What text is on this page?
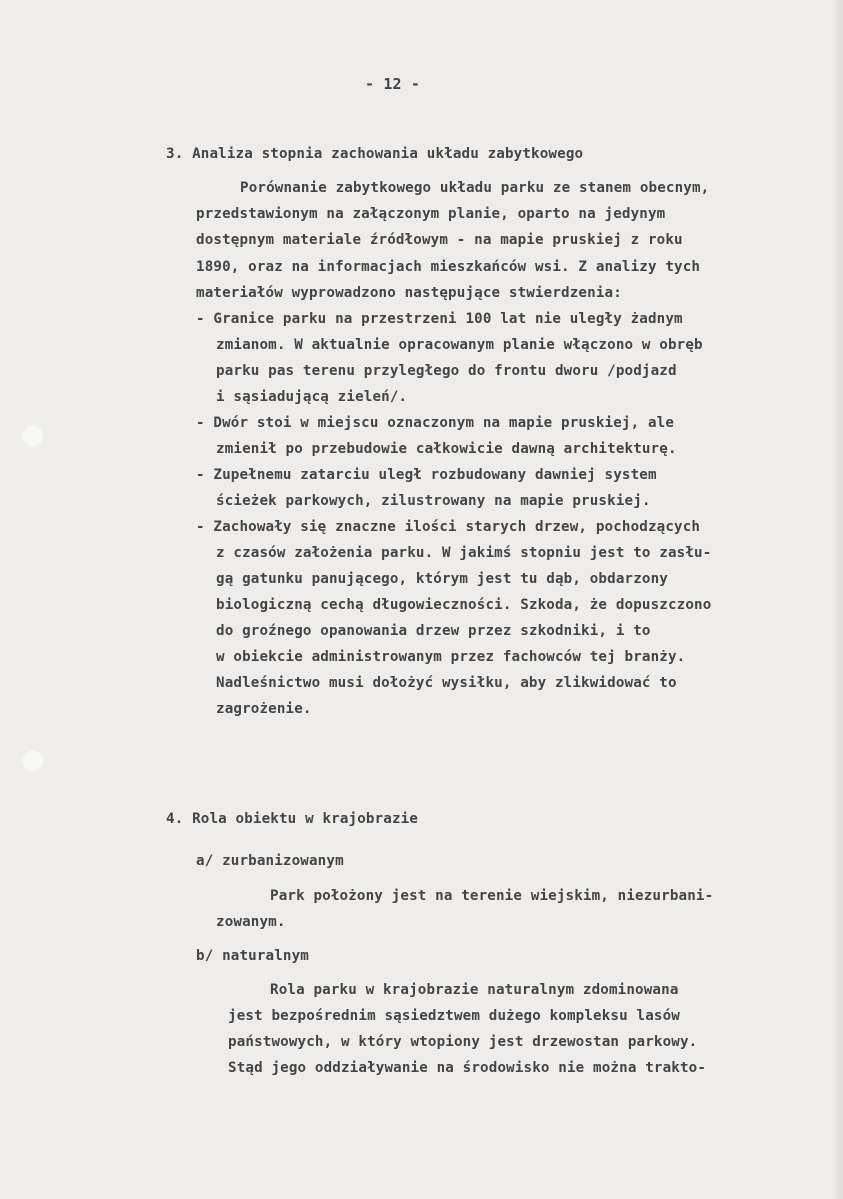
- 12 -

3. Analiza stopnia zachowania układu zabytkowego

Porównanie zabytkowego układu parku ze stanem obecnym,

przedstawionym na załączonym planie, oparto na jedynym

dostępnym materiale źródłowym - na mapie pruskiej z roku

1890, oraz na informacjach mieszkańców wsi. Z analizy tych

materiałów wyprowadzono następujące stwierdzenia:

- Granice parku na przestrzeni 100 lat nie uległy żadnym

zmianom. W aktualnie opracowanym planie włączono w obręb

parku pas terenu przyległego do frontu dworu /podjazd

i sąsiadującą zieleń/.

- Dwór stoi w miejscu oznaczonym na mapie pruskiej, ale

zmienił po przebudowie całkowicie dawną architekturę.

- Zupełnemu zatarciu uległ rozbudowany dawniej system

ścieżek parkowych, zilustrowany na mapie pruskiej.

- Zachowały się znaczne ilości starych drzew, pochodzących

z czasów założenia parku. W jakimś stopniu jest to zasłu-

gą gatunku panującego, którym jest tu dąb, obdarzony

biologiczną cechą długowieczności. Szkoda, że dopuszczono

do groźnego opanowania drzew przez szkodniki, i to

w obiekcie administrowanym przez fachowców tej branży.

Nadleśnictwo musi dołożyć wysiłku, aby zlikwidować to

zagrożenie.

4. Rola obiektu w krajobrazie

a/ zurbanizowanym

Park położony jest na terenie wiejskim, niezurbani-

zowanym.

b/ naturalnym

Rola parku w krajobrazie naturalnym zdominowana

jest bezpośrednim sąsiedztwem dużego kompleksu lasów

państwowych, w który wtopiony jest drzewostan parkowy.

Stąd jego oddziaływanie na środowisko nie można trakto-
